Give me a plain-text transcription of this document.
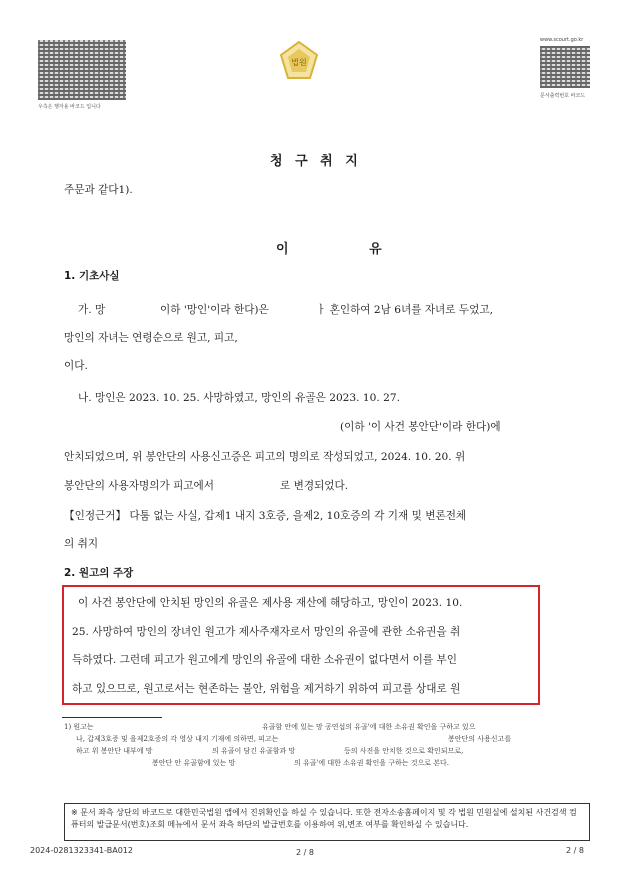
우측은 행자용 바코드 입니다
www.scourt.go.kr
문서출력번호 바코드
법원
청 구 취 지
주문과 같다1).
이 유
1. 기초사실
가. 망	이하 '망인'이라 한다)은	ㅏ 혼인하여 2남 6녀를 자녀로 두었고,
망인의 자녀는 연령순으로 원고, 피고,
이다.
나. 망인은 2023. 10. 25. 사망하였고, 망인의 유골은 2023. 10. 27.
(이하 '이 사건 봉안단'이라 한다)에
안치되었으며, 위 봉안단의 사용신고증은 피고의 명의로 작성되었고, 2024. 10. 20. 위
봉안단의 사용자명의가 피고에서	로 변경되었다.
【인정근거】 다툼 없는 사실, 갑제1 내지 3호증, 을제2, 10호증의 각 기재 및 변론전체
의 취지
2. 원고의 주장
이 사건 봉안단에 안치된 망인의 유골은 제사용 재산에 해당하고, 망인이 2023. 10.
25. 사망하여 망인의 장녀인 원고가 제사주재자로서 망인의 유골에 관한 소유권을 취
득하였다. 그런데 피고가 원고에게 망인의 유골에 대한 소유권이 없다면서 이를 부인
하고 있으므로, 원고로서는 현존하는 불안, 위험을 제거하기 위하여 피고를 상대로 원
1) 원고는	유골함 안에 있는 망 공연섭의 유골'에 대한 소유권 확인을 구하고 있으
나, 갑제3호증 및 을제2호증의 각 영상 내지 기재에 의하면, 피고는	봉안단의 사용신고를
하고 위 봉안단 내부에 망	의 유골이 담긴 유골함과 망	등의 사진을 안치한 것으로 확인되므로,
봉안단 안 유골함에 있는 망	의 유골'에 대한 소유권 확인을 구하는 것으로 본다.
※ 문서 좌측 상단의 바코드로 대한민국법원 앱에서 진위확인을 하실 수 있습니다. 또한 전자소송홈페이지 및 각 법원 민원실에 설치된 사건검색 컴퓨터의 발급문서(번호)조회 메뉴에서 문서 좌측 하단의 발급번호를 이용하여 위,변조 여부를 확인하실 수 있습니다.
2024-0281323341-BA012	2 / 8	2 / 8
